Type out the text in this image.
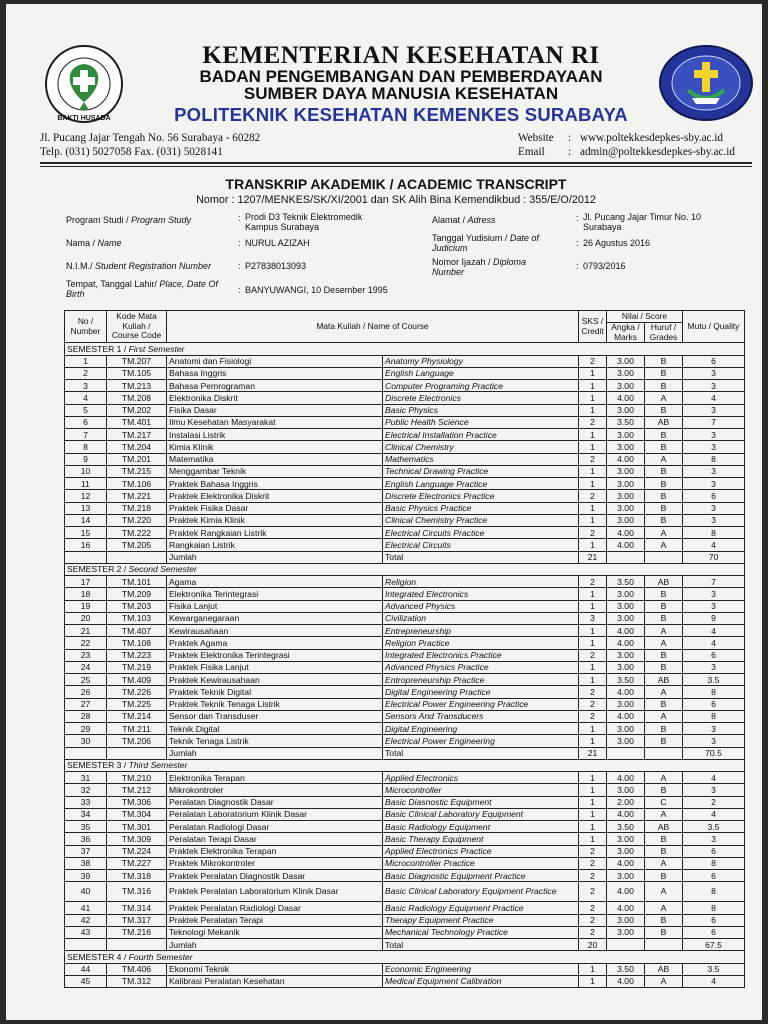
BAKTI HUSADA
KEMENTERIAN KESEHATAN RI
BADAN PENGEMBANGAN DAN PEMBERDAYAAN
SUMBER DAYA MANUSIA KESEHATAN
POLITEKNIK KESEHATAN KEMENKES SURABAYA
Jl. Pucang Jajar Tengah No. 56 Surabaya - 60282
Telp. (031) 5027058 Fax. (031) 5028141
Website : www.poltekkesdepkes-sby.ac.id
Email : admin@poltekkesdepkes-sby.ac.id
TRANSKRIP AKADEMIK / ACADEMIC TRANSCRIPT
Nomor : 1207/MENKES/SK/XI/2001 dan SK Alih Bina Kemendikbud : 355/E/O/2012
Program Studi / Program Study	: Prodi D3 Teknik Elektromedik Kampus Surabaya
Nama / Name	: NURUL AZIZAH
N.I.M./ Student Registration Number	: P27838013093
Tempat, Tanggal Lahir/ Place, Date Of Birth	: BANYUWANGI, 10 Desember 1995
Alamat / Adress	: Jl. Pucang Jajar Timur No. 10 Surabaya
Tanggal Yudisium / Date of Judicium	: 26 Agustus 2016
Nomor Ijazah / Diploma Number
: 0793/2016
No / Number	Kode Mata Kuliah / Course Code	Mata Kuliah / Name of Course		SKS / Credit	Nilai / Score		Mutu / Quality
					Angka / Marks	Huruf / Grades	
SEMESTER 1 / First Semester							
1	TM.207	Anatomi dan Fisiologi	Anatomy Physiology	2	3.00	B	6
2	TM.105	Bahasa Inggris	English Language	1	3.00	B	3
3	TM.213	Bahasa Pemrograman	Computer Programing Practice	1	3.00	B	3
4	TM.208	Elektronika Diskrit	Discrete Electronics	1	4.00	A	4
5	TM.202	Fisika Dasar	Basic Physics	1	3.00	B	3
6	TM.401	Ilmu Kesehatan Masyarakat	Public Health Science	2	3.50	AB	7
7	TM.217	Instalasi Listrik	Electrical Installation Practice	1	3.00	B	3
8	TM.204	Kimia Klinik	Clinical Chemistry	1	3.00	B	3
9	TM.201	Matematika	Mathematics	2	4.00	A	8
10	TM.215	Menggambar Teknik	Technical Drawing Practice	1	3.00	B	3
11	TM.106	Praktek Bahasa Inggris	English Language Practice	1	3.00	B	3
12	TM.221	Praktek Elektronika Diskrit	Discrete Electronics Practice	2	3.00	B	6
13	TM.218	Praktek Fisika Dasar	Basic Physics Practice	1	3.00	B	3
14	TM.220	Praktek Kimia Klinik	Clinical Chemistry Practice	1	3.00	B	3
15	TM.222	Praktek Rangkaian Listrik	Electrical Circuits Practice	2	4.00	A	8
16	TM.205	Rangkaian Listrik	Electrical Circuits	1	4.00	A	4
		Jumlah	Total	21			70
SEMESTER 2 / Second Semester							
17	TM.101	Agama	Religion	2	3.50	AB	7
18	TM.209	Elektronika Terintegrasi	Integrated Electronics	1	3.00	B	3
19	TM.203	Fisika Lanjut	Advanced Physics	1	3.00	B	3
20	TM.103	Kewarganegaraan	Civilization	3	3.00	B	9
21	TM.407	Kewirausahaan	Entrepreneurship	1	4.00	A	4
22	TM.108	Praktek Agama	Religion Practice	1	4.00	A	4
23	TM.223	Praktek Elektronika Terintegrasi	Integrated Electronics Practice	2	3.00	B	6
24	TM.219	Praktek Fisika Lanjut	Advanced Physics Practice	1	3.00	B	3
25	TM.409	Praktek Kewirausahaan	Entropreneurship Practice	1	3.50	AB	3.5
26	TM.226	Praktek Teknik Digital	Digital Engineering Practice	2	4.00	A	8
27	TM.225	Praktek Teknik Tenaga Listrik	Electrical Power Engineering Practice	2	3.00	B	6
28	TM.214	Sensor dan Transduser	Sensors And Transducers	2	4.00	A	8
29	TM.211	Teknik Digital	Digital Engineering	1	3.00	B	3
30	TM.206	Teknik Tenaga Listrik	Electrical Power Engineering	1	3.00	B	3
		Jumlah	Total	21			70.5
SEMESTER 3 / Third Semester							
31	TM.210	Elektronika Terapan	Applied Electronics	1	4.00	A	4
32	TM.212	Mikrokontroler	Microcontroller	1	3.00	B	3
33	TM.306	Peralatan Diagnostik Dasar	Basic Diasnostic Equipment	1	2.00	C	2
34	TM.304	Peralatan Laboratorium Klinik Dasar	Basic Clinical Laboratory Equipment	1	4.00	A	4
35	TM.301	Peralatan Radiologi Dasar	Basic Radiology Equipment	1	3.50	AB	3.5
36	TM.309	Peralatan Terapi Dasar	Basic Therapy Equipment	1	3.00	B	3
37	TM.224	Praktek Elektronika Terapan	Applied Electronics Practice	2	3.00	B	6
38	TM.227	Praktek Mikrokontroler	Microcontroller Practice	2	4.00	A	8
39	TM.318	Praktek Peralatan Diagnostik Dasar	Basic Diagnostic Equipment Practice	2	3.00	B	6
40	TM.316	Praktek Peralatan Laboratorium Klinik Dasar	Basic Clinical Laboratory Equipment Practice	2	4.00	A	8
41	TM.314	Praktek Peralatan Radiologi Dasar	Basic Radiology Equipment Practice	2	4.00	A	8
42	TM.317	Praktek Peralatan Terapi	Therapy Equipment Practice	2	3.00	B	6
43	TM.216	Teknologi Mekanik	Mechanical Technology Practice	2	3.00	B	6
		Jumlah	Total	20			67.5
SEMESTER 4 / Fourth Semester							
44	TM.406	Ekonomi Teknik	Economic Engineering	1	3.50	AB	3.5
45	TM.312	Kalibrasi Peralatan Kesehatan	Medical Equipment Calibration	1	4.00	A	4
